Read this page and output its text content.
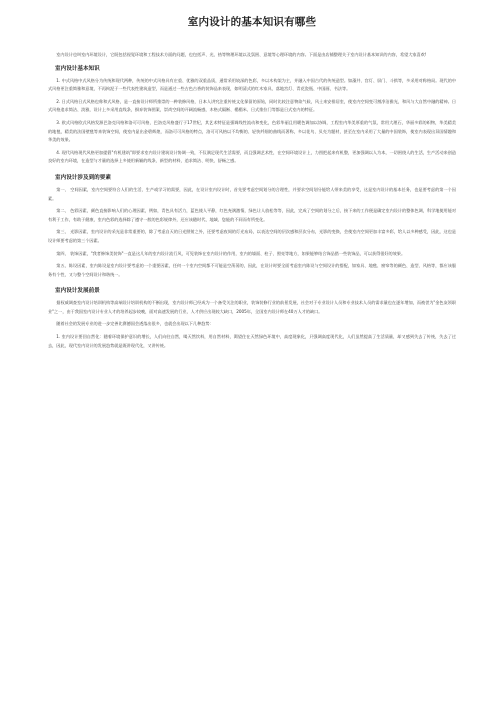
室内设计的基本知识有哪些

室内设计也叫室内环境设计，它既包括视觉环境和工程技术方面的问题，也包括声、光、热等物理环境以及氛围、意境等心理环境的内容。下面是由店铺整理关于室内设计基本知识的内容，希望大家喜欢!

室内设计基本知识

1. 中式风格中式风格分为传统和现代两种，传统的中式风格具有庄重、优雅的双重品质，通常采用较深的色彩，多以木构架为主，并融入中国古代的传统造型。如藻井、宫灯、屏门、斗拱等，多采用对称格局。现代的中式风格更注重简雅和意境，不再拘泥于一些代表性建筑造型，而是通过一些古色古香的装饰品来表现，如明清式的红木家具、落地宫灯、青花瓷瓶、中国画、书法等。

2. 日式风格日式风格也称和式风格，是一直接设计师所推崇的一种装修风格，日本人讲究注重传统文化保留的原始，同时比较注意物欲气候，风土来安排居室，使室内空间变可割净洁雅光，和风与大自然中融的精神。日式风格追求简洁、淡雅，设计上多采用直线条，摒弃装饰图案，崇尚空间的开阔流畅感，木格式隔断、榻榻米、日式推拉门等都是日式室内的特征。

3. 欧式风格欧式风格发源巴洛克风格和洛可可风格，巴洛克风格盛行于17世纪，其艺术特征是强调线性流动和变化，色彩华丽且用暖色调加以协调，工程室内华美厚重的气氛，常用大理石，华丽多彩的织物，华美精美的地毯，精美的法国壁毯等来装饰空间，使室内显出金碧辉煌，而洛可可风格的特点，洛可可风格以不均衡的、轻快纤细的曲线而著称，多以花鸟、贝壳为题材，甚至在室内采用了大量的中国装饰，使室内表现出异国情趣和华美的效果。

4. 现代风格现代风格更加提倡"有机建筑"即要求室内设计建筑设计协调一致，不仅满足现代生活需要，而且强调艺术性，在空间环境设计上，力图把起来有机整，更加强调以人为本，一切围绕人的生活，生产活动来创造良好的室内环境，在造型与才量的选择上多使用新颖的线条、新型的材料，追求简洁、明快、舒畅之感。

室内设计涉及到的要素

第一、 空间因素，室内空间要符合人们的生活，生产或学习的需要，因此，在设计室内设计时，首先要考虑空间划分的合理性，并要求空间划分能给人带来美的享受，这是室内设计的基本任务，也是要考虑的第一个因素。

第二、 色彩因素，颜色直接影响人们的心理因素，例如，青色具有活力，蓝色使人平静，红色充满激情，绿色让人放松等等，因此，完成了空间的划分之后，接下来的工作便是确定室内设计的整体色调，科学地使用能对有利于工作，有助于健康，室内色彩的选择除了遵守一般的色彩规律外，还应该随时代、地域、您能的不同而有所变化。

第三、 光影因素，室内设计的采光是非常重要的，除了考虑自天的日光照射之外，还要考虑夜间的灯光布局，以表达空间的层次感和层次分布，光影的变换，会使室内空间更加丰富多彩，给人以多种感受，因此，这也是设计师要考虑的第三个因素。

第四、 装饰因素，"我者修饰美装饰"一直是这几年的室内设计流行风，可见装饰在室内设计的作用，室内的墙面、柱子、照亮等地方，如果能够结合饰品搭一些装饰品，可以获得很好的效果。

第五、陈设因素，室内陈设是室内设计要考虑的一个重要因素，任何一个室内空间都不可能是空荡荡的，因此，在设计时要全面考虑室内陈设与空间设计的搭配，如家具、地毯、窗帘等的颜色、造型、风格等，都应该服务有个性，又与整个空间设计和谐统一。

室内设计发展前景

据权威调查室内设计培训机构等高端设计培训机构的不断出现，室内设计师已经成为一个备受关注的职业，装饰装修行业的前景发展，社会对于专业设计人员和专业技术人员的需求量也在逐年增加，而被誉为"金色灰领职业"之一，由于我国室内设计专业人才的培养起步较晚，面对高速发展的行业，人才供应出现较大缺口，2005年，全国室内设计师在40万人才的缺口。

随着社会的发展专业的进一步完善比赛德国会透落出很多，也就会出现以下几种趋势：

1. 室内设计要回自然化：随着环境保护意识的增长，人们向往自然，喝天然饮料，用自然材料，渴望住在天然绿色环境中，高度现象化，只强调高度现代化，人们虽然提高了生活质量，却又感到失去了传统，失去了过去，因此，现代室内设计的发展趋势就是既讲现代化，又讲传统。
